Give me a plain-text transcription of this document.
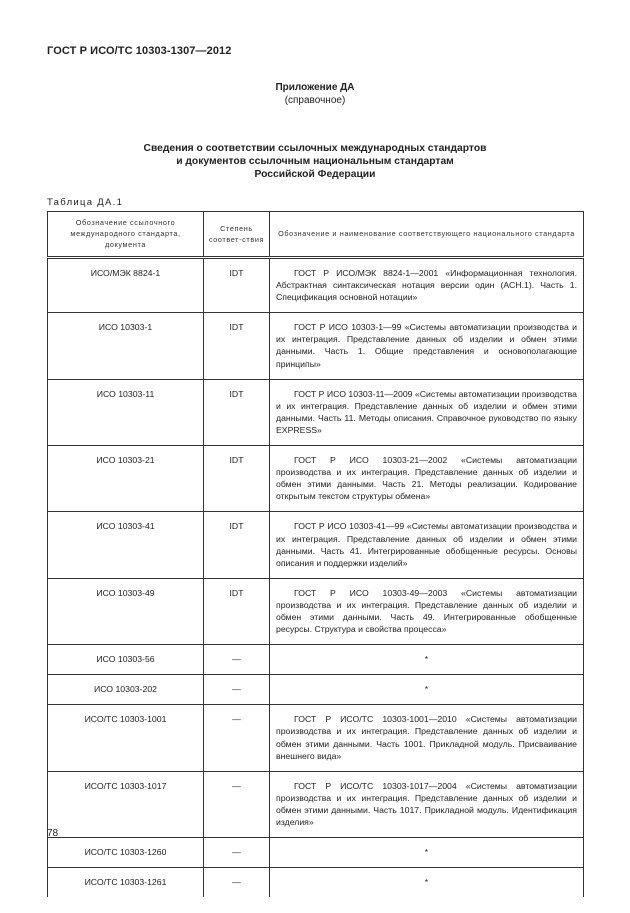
ГОСТ Р ИСО/ТС 10303-1307—2012
Приложение ДА
(справочное)
Сведения о соответствии ссылочных международных стандартов
и документов ссылочным национальным стандартам
Российской Федерации
Таблица ДА.1
Обозначение ссылочного международного стандарта, документа	Степень соответ-ствия	Обозначение и наименование соответствующего национального стандарта
ИСО/МЭК 8824-1	IDT	ГОСТ Р ИСО/МЭК 8824-1—2001 «Информационная технология. Абстрактная синтаксическая нотация версии один (АСН.1). Часть 1. Спецификация основной нотации»
ИСО 10303-1	IDT	ГОСТ Р ИСО 10303-1—99 «Системы автоматизации производства и их интеграция. Представление данных об изделии и обмен этими данными. Часть 1. Общие представления и основополагающие принципы»
ИСО 10303-11	IDT	ГОСТ Р ИСО 10303-11—2009 «Системы автоматизации производства и их интеграция. Представление данных об изделии и обмен этими данными. Часть 11. Методы описания. Справочное руководство по языку EXPRESS»
ИСО 10303-21	IDT	ГОСТ Р ИСО 10303-21—2002 «Системы автоматизации производства и их интеграция. Представление данных об изделии и обмен этими данными. Часть 21. Методы реализации. Кодирование открытым текстом структуры обмена»
ИСО 10303-41	IDT	ГОСТ Р ИСО 10303-41—99 «Системы автоматизации производства и их интеграция. Представление данных об изделии и обмен этими данными. Часть 41. Интегрированные обобщенные ресурсы. Основы описания и поддержки изделий»
ИСО 10303-49	IDT	ГОСТ Р ИСО 10303-49—2003 «Системы автоматизации производства и их интеграция. Представление данных об изделии и обмен этими данными. Часть 49. Интегрированные обобщенные ресурсы. Структура и свойства процесса»
ИСО 10303-56	—	*
ИСО 10303-202	—	*
ИСО/ТС 10303-1001	—	ГОСТ Р ИСО/ТС 10303-1001—2010 «Системы автоматизации производства и их интеграция. Представление данных об изделии и обмен этими данными. Часть 1001. Прикладной модуль. Присваивание внешнего вида»
ИСО/ТС 10303-1017	—	ГОСТ Р ИСО/ТС 10303-1017—2004 «Системы автоматизации производства и их интеграция. Представление данных об изделии и обмен этими данными. Часть 1017. Прикладной модуль. Идентификация изделия»
ИСО/ТС 10303-1260	—	*
ИСО/ТС 10303-1261	—	*
78
